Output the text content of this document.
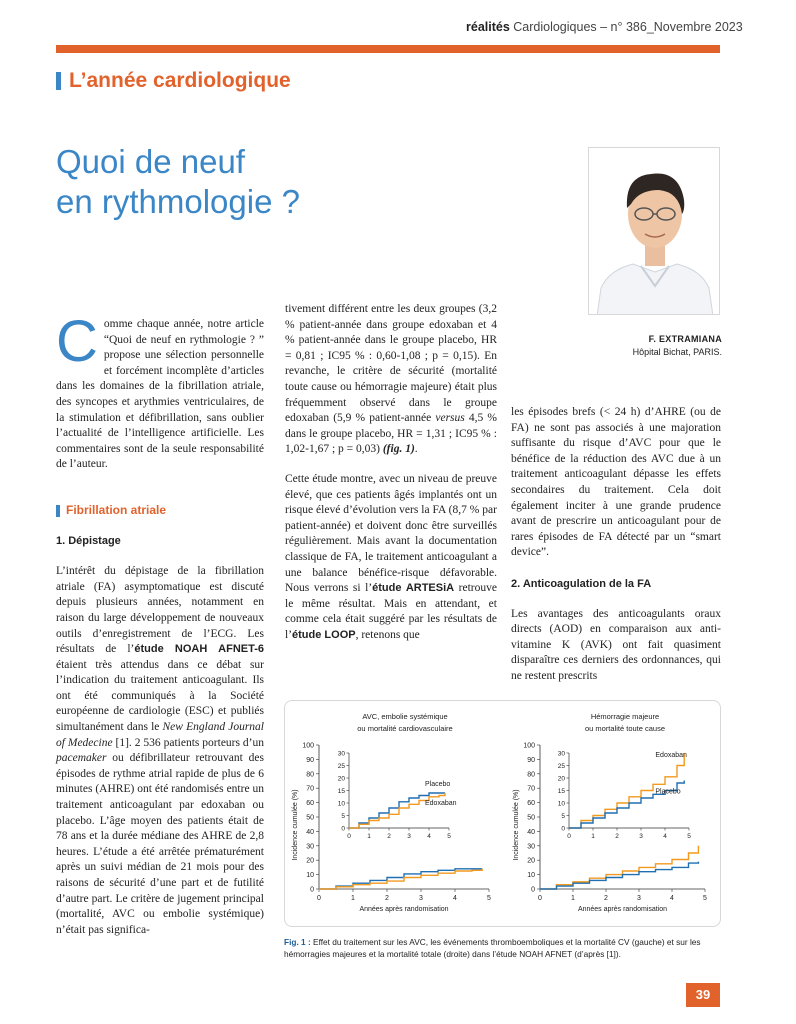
réalités Cardiologiques – n° 386_Novembre 2023
L’année cardiologique
Quoi de neuf
en rythmologie ?
F. EXTRAMIANA
Hôpital Bichat, PARIS.

Comme chaque année, notre article “Quoi de neuf en rythmologie ? ” propose une sélection personnelle et forcément incomplète d’articles dans les domaines de la fibrillation atriale, des syncopes et arythmies ventriculaires, de la stimulation et défibrillation, sans oublier l’actualité de l’intelligence artificielle. Les commentaires sont de la seule responsabilité de l’auteur.

Fibrillation atriale
1. Dépistage

L’intérêt du dépistage de la fibrillation atriale (FA) asymptomatique est discuté depuis plusieurs années, notamment en raison du large développement de nouveaux outils d’enregistrement de l’ECG. Les résultats de l’étude NOAH AFNET-6 étaient très attendus dans ce débat sur l’indication du traitement anticoagulant. Ils ont été communiqués à la Société européenne de cardiologie (ESC) et publiés simultanément dans le New England Journal of Medecine [1]. 2 536 patients porteurs d’un pacemaker ou défibrillateur retrouvant des épisodes de rythme atrial rapide de plus de 6 minutes (AHRE) ont été randomisés entre un traitement anticoagulant par edoxaban ou placebo. L’âge moyen des patients était de 78 ans et la durée médiane des AHRE de 2,8 heures. L’étude a été arrêtée prématurément après un suivi médian de 21 mois pour des raisons de sécurité d’une part et de futilité d’autre part. Le critère de jugement principal (mortalité, AVC ou embolie systémique) n’était pas significa-

tivement différent entre les deux groupes (3,2 % patient-année dans groupe edoxaban et 4 % patient-année dans le groupe placebo, HR = 0,81 ; IC95 % : 0,60-1,08 ; p = 0,15). En revanche, le critère de sécurité (mortalité toute cause ou hémorragie majeure) était plus fréquemment observé dans le groupe edoxaban (5,9 % patient-année versus 4,5 % dans le groupe placebo, HR = 1,31 ; IC95 % : 1,02-1,67 ; p = 0,03) (fig. 1).

Cette étude montre, avec un niveau de preuve élevé, que ces patients âgés implantés ont un risque élevé d’évolution vers la FA (8,7 % par patient-année) et doivent donc être surveillés régulièrement. Mais avant la documentation classique de FA, le traitement anticoagulant a une balance bénéfice-risque défavorable. Nous verrons si l’étude ARTESiA retrouve le même résultat. Mais en attendant, et comme cela était suggéré par les résultats de l’étude LOOP, retenons que

les épisodes brefs (< 24 h) d’AHRE (ou de FA) ne sont pas associés à une majoration suffisante du risque d’AVC pour que le bénéfice de la réduction des AVC due à un traitement anticoagulant dépasse les effets secondaires du traitement. Cela doit également inciter à une grande prudence avant de prescrire un anticoagulant pour de rares épisodes de FA détecté par un “smart device”.

2. Anticoagulation de la FA

Les avantages des anticoagulants oraux directs (AOD) en comparaison aux anti-vitamine K (AVK) ont fait quasiment disparaître ces derniers des ordonnances, qui ne restent prescrits

AVC, embolie systémique
ou mortalité cardiovasculaire
0
10
20
30
40
50
60
70
80
90
100
0	1	2	3	4	5
Incidence cumulée (%)
Années après randomisation
0
5
10
15
20
25
30
0	1	2	3	4	5
Placebo
Edoxaban
Hémorragie majeure
ou mortalité toute cause
0
10
20
30
40
50
60
70
80
90
100
0	1	2	3	4	5
Incidence cumulée (%)
Années après randomisation
0
5
10
15
20
25
30
0	1	2	3	4	5
Edoxaban
Placebo
Fig. 1 : Effet du traitement sur les AVC, les événements thromboemboliques et la mortalité CV (gauche) et sur les hémorragies majeures et la mortalité totale (droite) dans l’étude NOAH AFNET (d’après [1]).
39
